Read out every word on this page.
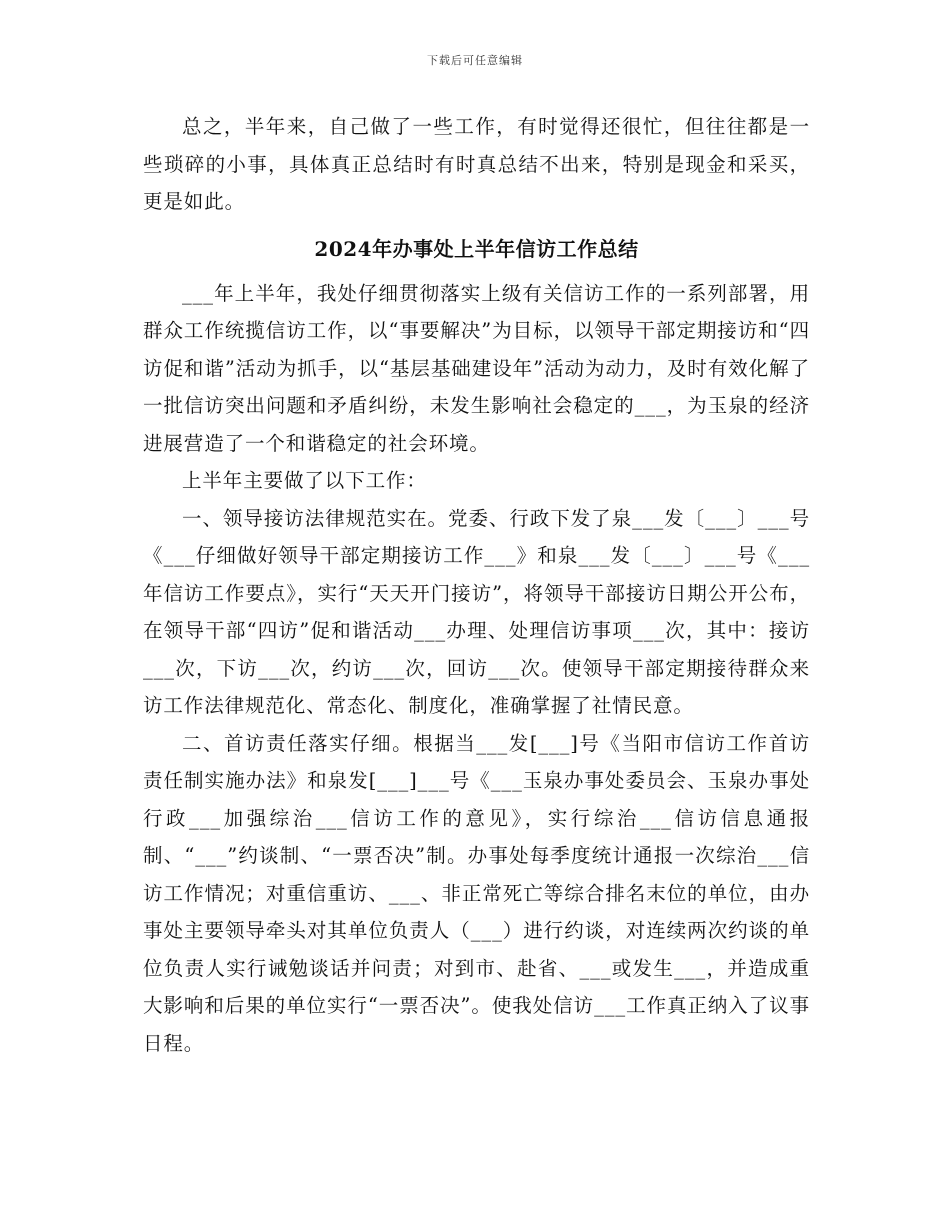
下载后可任意编辑

总之，半年来，自己做了一些工作，有时觉得还很忙，但往往都是一些琐碎的小事，具体真正总结时有时真总结不出来，特别是现金和采买，更是如此。

2024年办事处上半年信访工作总结

___年上半年，我处仔细贯彻落实上级有关信访工作的一系列部署，用群众工作统揽信访工作，以“事要解决”为目标，以领导干部定期接访和“四访促和谐”活动为抓手，以“基层基础建设年”活动为动力，及时有效化解了一批信访突出问题和矛盾纠纷，未发生影响社会稳定的___，为玉泉的经济进展营造了一个和谐稳定的社会环境。

上半年主要做了以下工作：

一、领导接访法律规范实在。党委、行政下发了泉___发〔___〕___号《___仔细做好领导干部定期接访工作___》和泉___发〔___〕___号《___年信访工作要点》，实行“天天开门接访”，将领导干部接访日期公开公布，在领导干部“四访”促和谐活动___办理、处理信访事项___次，其中：接访___次，下访___次，约访___次，回访___次。使领导干部定期接待群众来访工作法律规范化、常态化、制度化，准确掌握了社情民意。

二、首访责任落实仔细。根据当___发[___]号《当阳市信访工作首访责任制实施办法》和泉发[___]___号《___玉泉办事处委员会、玉泉办事处行政___加强综治___信访工作的意见》，实行综治___信访信息通报制、“___”约谈制、“一票否决”制。办事处每季度统计通报一次综治___信访工作情况；对重信重访、___、非正常死亡等综合排名末位的单位，由办事处主要领导牵头对其单位负责人（___）进行约谈，对连续两次约谈的单位负责人实行诫勉谈话并问责；对到市、赴省、___或发生___，并造成重大影响和后果的单位实行“一票否决”。使我处信访___工作真正纳入了议事日程。
